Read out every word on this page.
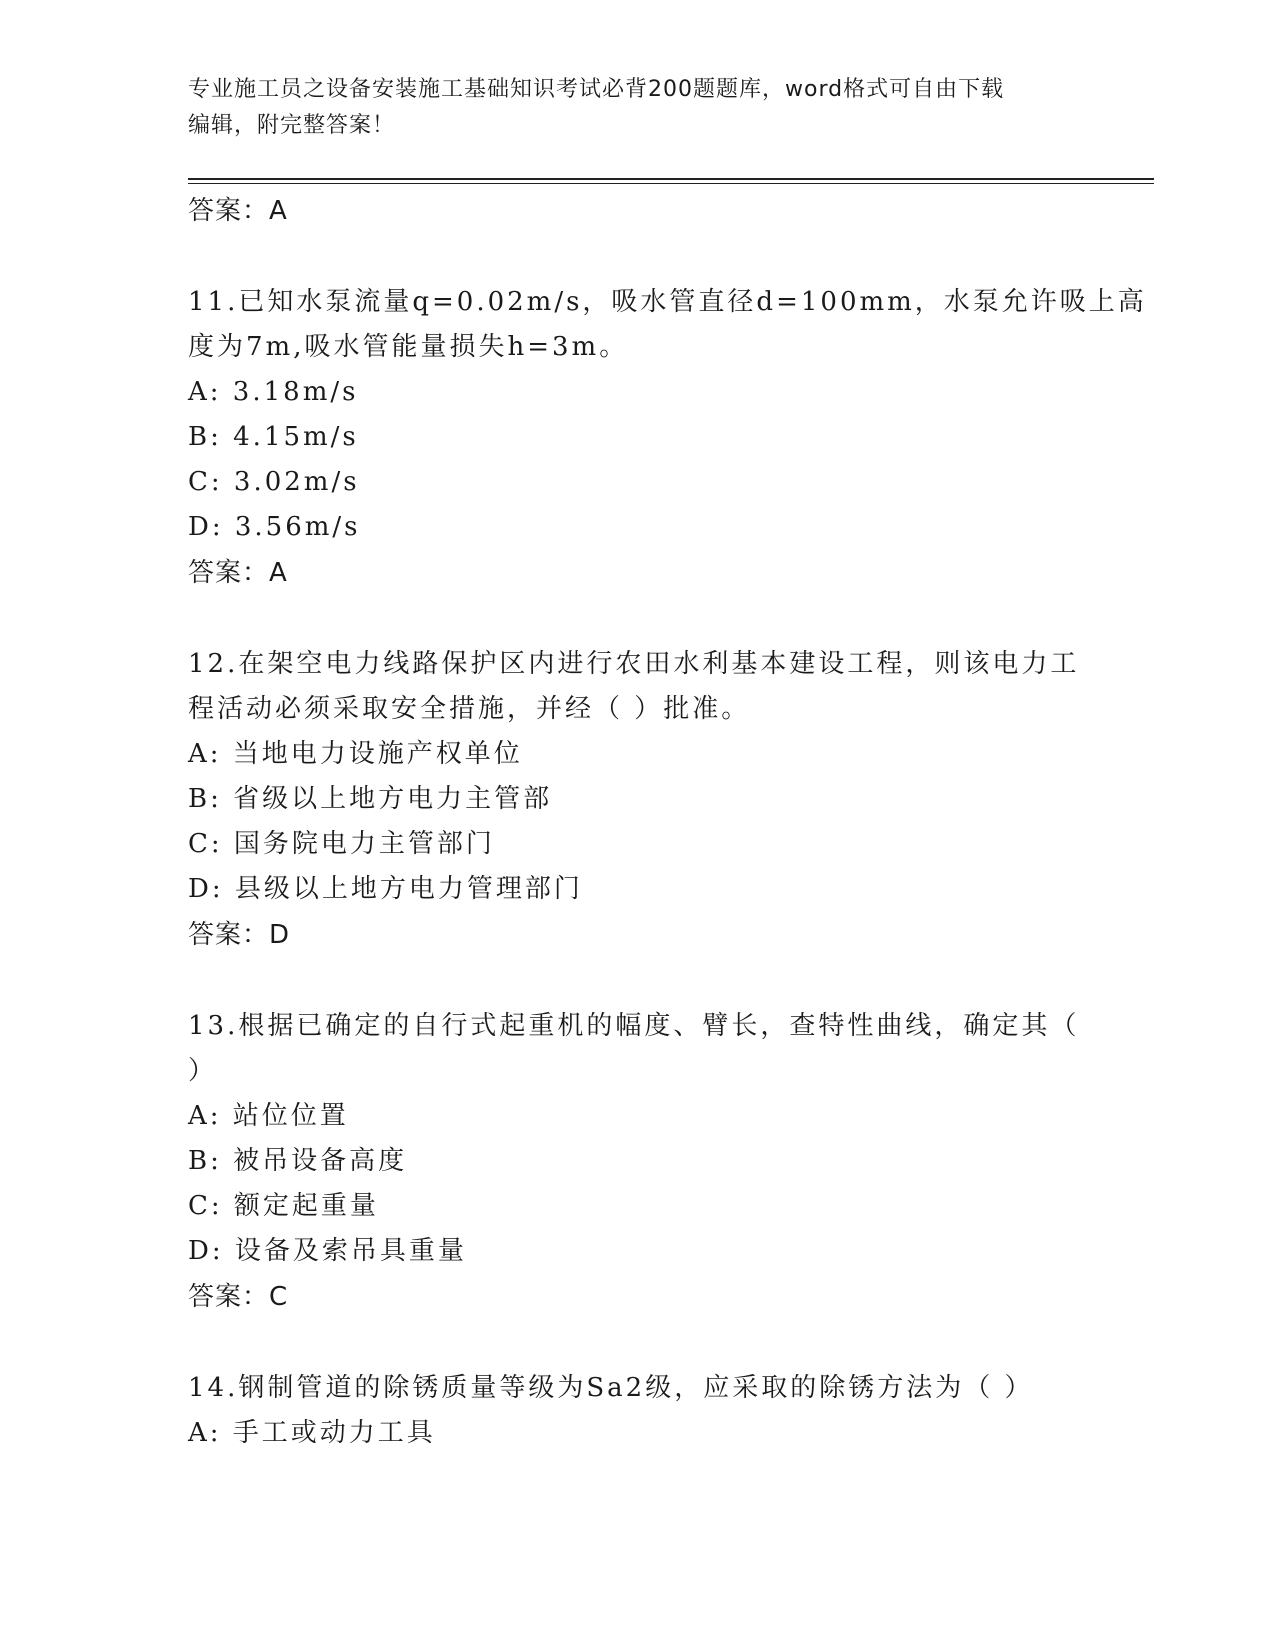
专业施工员之设备安装施工基础知识考试必背200题题库，word格式可自由下载
编辑，附完整答案！
答案：A
11.已知水泵流量q=0.02m/s，吸水管直径d=100mm，水泵允许吸上高
度为7m,吸水管能量损失h=3m。
A: 3.18m/s
B: 4.15m/s
C: 3.02m/s
D: 3.56m/s
答案：A
12.在架空电力线路保护区内进行农田水利基本建设工程，则该电力工
程活动必须采取安全措施，并经（ ）批准。
A: 当地电力设施产权单位
B: 省级以上地方电力主管部
C: 国务院电力主管部门
D: 县级以上地方电力管理部门
答案：D
13.根据已确定的自行式起重机的幅度、臂长，查特性曲线，确定其（
）
A: 站位位置
B: 被吊设备高度
C: 额定起重量
D: 设备及索吊具重量
答案：C
14.钢制管道的除锈质量等级为Sa2级，应采取的除锈方法为（ ）
A: 手工或动力工具
